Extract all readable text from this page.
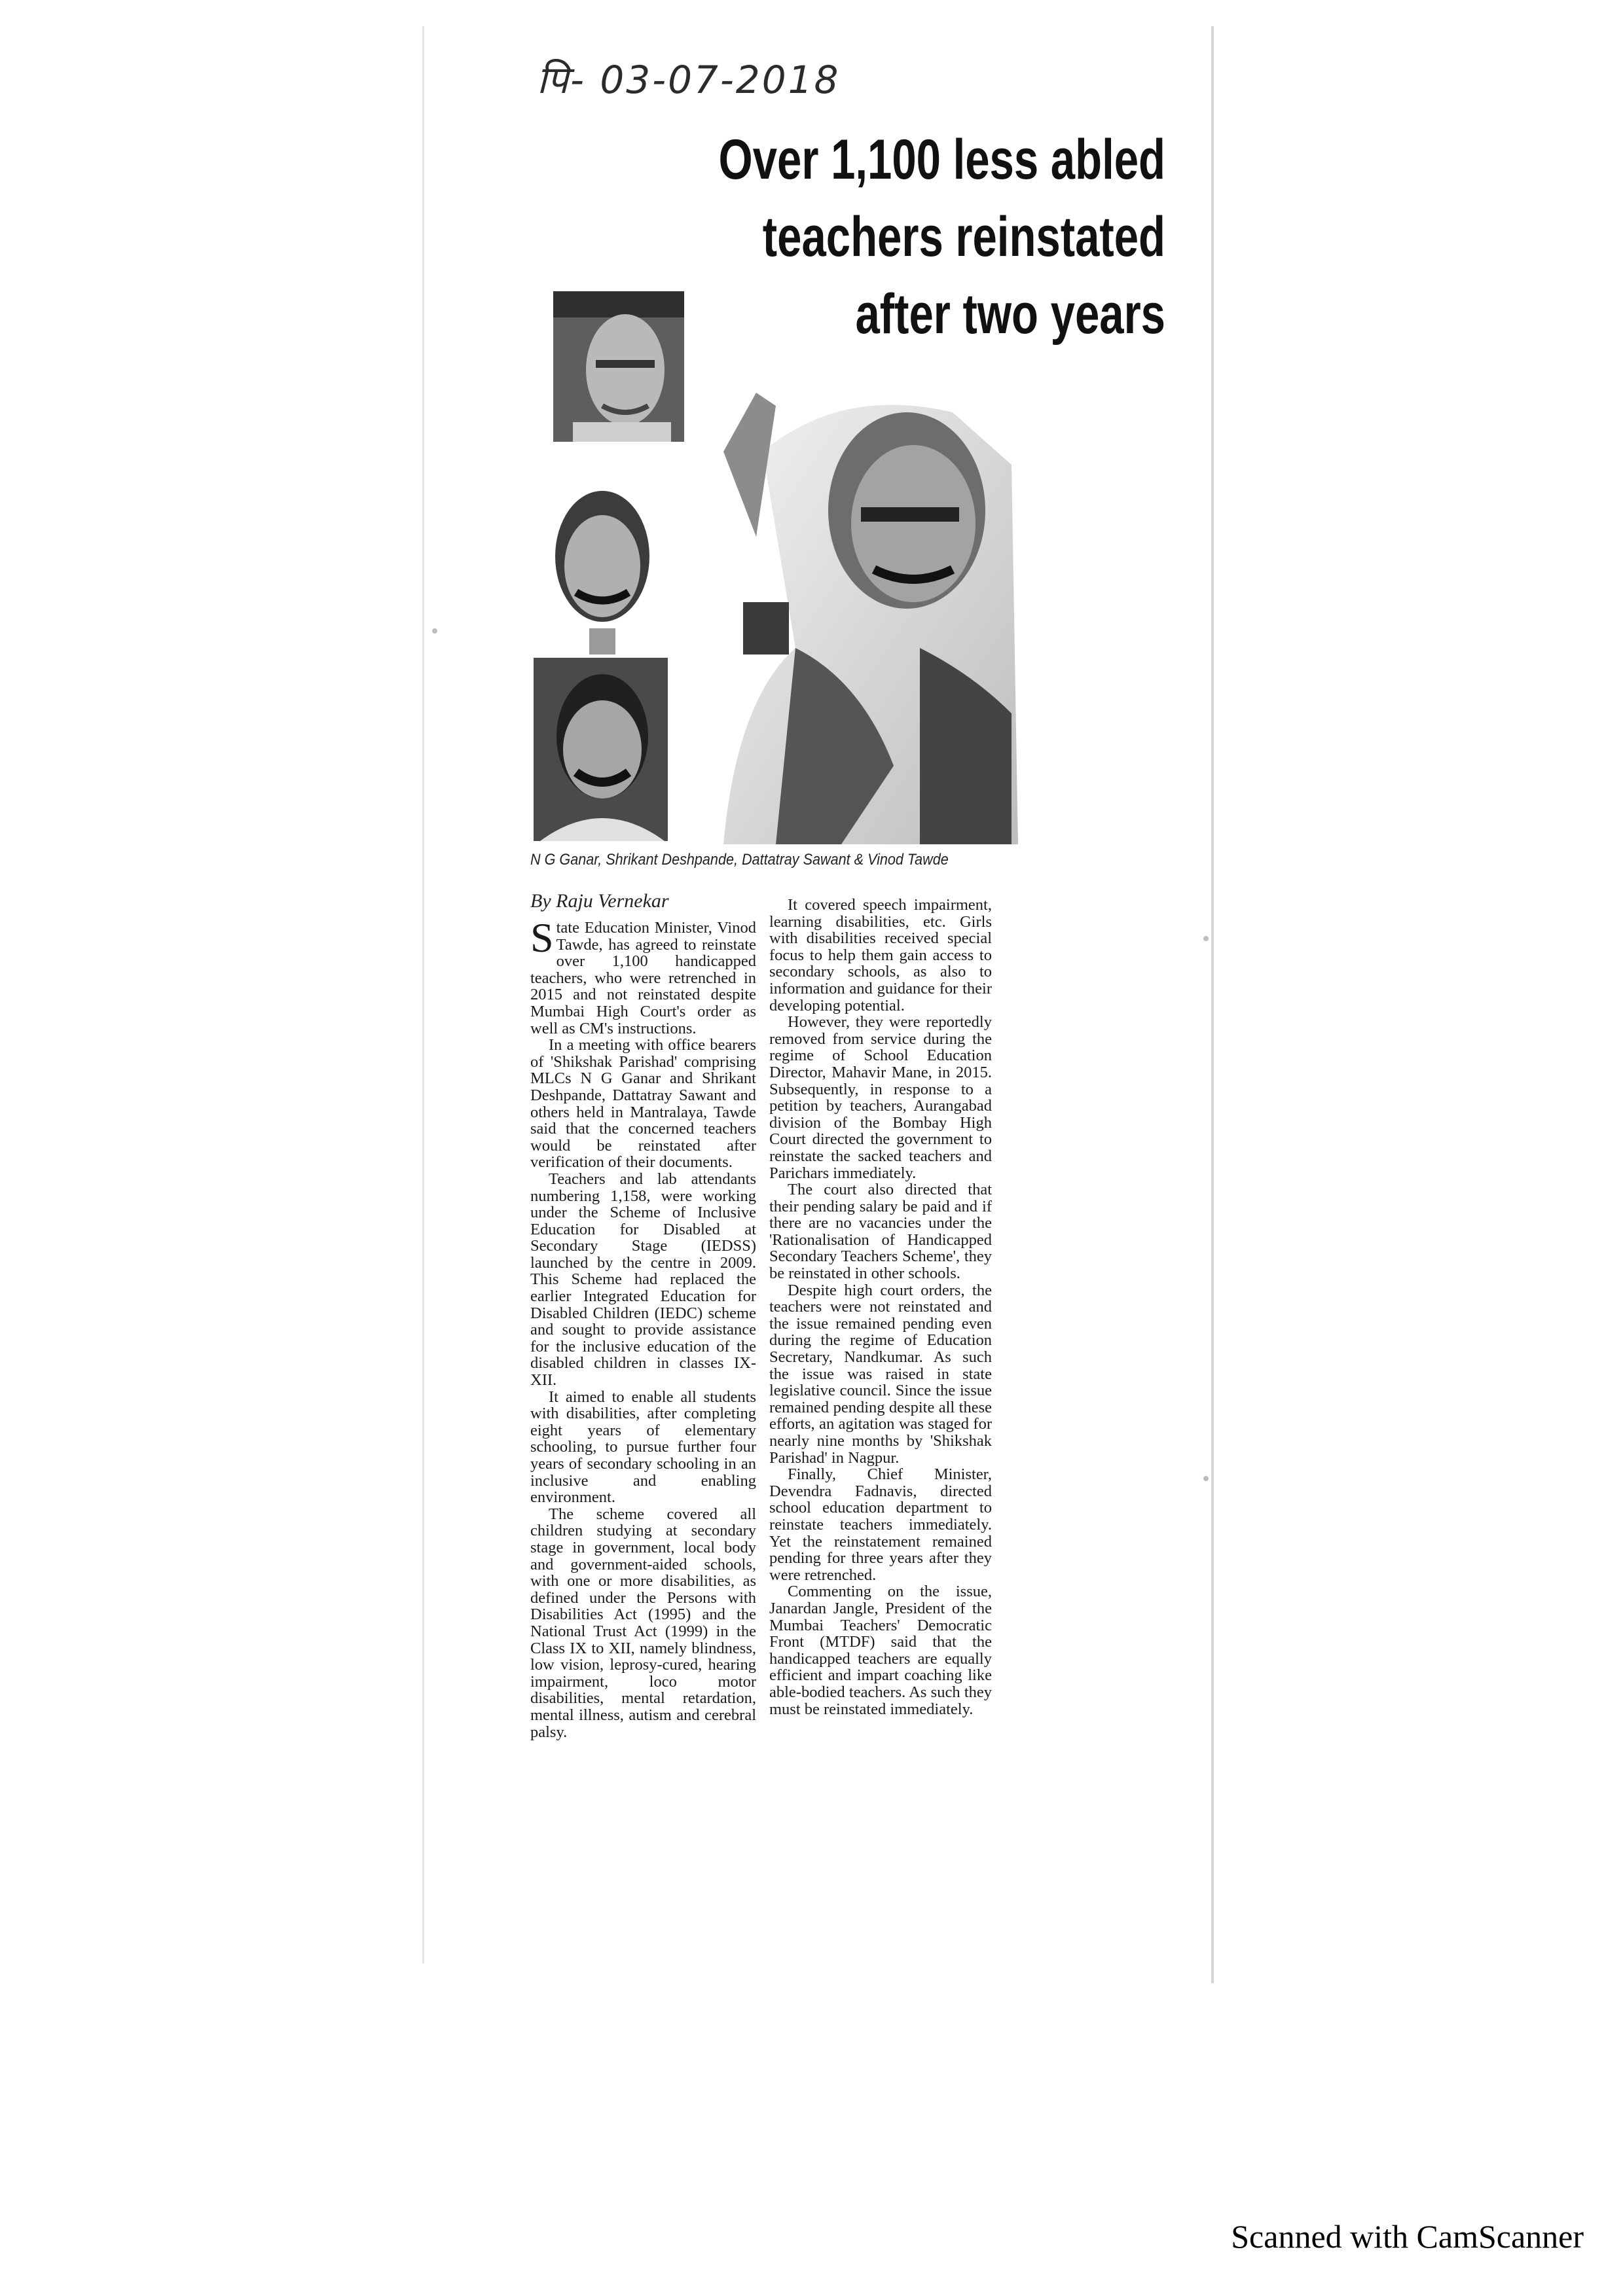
पि- 03-07-2018
Over 1,100 less abled
teachers reinstated
after two years
N G Ganar, Shrikant Deshpande, Dattatray Sawant & Vinod Tawde
By Raju Vernekar

State Education Minister, Vinod Tawde, has agreed to reinstate over 1,100 handicapped teachers, who were retrenched in 2015 and not reinstated despite Mumbai High Court's order as well as CM's instructions.

In a meeting with office bearers of 'Shikshak Parishad' comprising MLCs N G Ganar and Shrikant Deshpande, Dattatray Sawant and others held in Mantralaya, Tawde said that the concerned teachers would be reinstated after verification of their documents.

Teachers and lab attendants numbering 1,158, were working under the Scheme of Inclusive Education for Disabled at Secondary Stage (IEDSS) launched by the centre in 2009. This Scheme had replaced the earlier Integrated Education for Disabled Children (IEDC) scheme and sought to provide assistance for the inclusive education of the disabled children in classes IX-XII.

It aimed to enable all students with disabilities, after completing eight years of elementary schooling, to pursue further four years of secondary schooling in an inclusive and enabling environment.

The scheme covered all children studying at secondary stage in government, local body and government-aided schools, with one or more disabilities, as defined under the Persons with Disabilities Act (1995) and the National Trust Act (1999) in the Class IX to XII, namely blindness, low vision, leprosy-cured, hearing impairment, loco motor disabilities, mental retardation, mental illness, autism and cerebral palsy.

It covered speech impairment, learning disabilities, etc. Girls with disabilities received special focus to help them gain access to secondary schools, as also to information and guidance for their developing potential.

However, they were reportedly removed from service during the regime of School Education Director, Mahavir Mane, in 2015. Subsequently, in response to a petition by teachers, Aurangabad division of the Bombay High Court directed the government to reinstate the sacked teachers and Parichars immediately.

The court also directed that their pending salary be paid and if there are no vacancies under the 'Rationalisation of Handicapped Secondary Teachers Scheme', they be reinstated in other schools.

Despite high court orders, the teachers were not reinstated and the issue remained pending even during the regime of Education Secretary, Nandkumar. As such the issue was raised in state legislative council. Since the issue remained pending despite all these efforts, an agitation was staged for nearly nine months by 'Shikshak Parishad' in Nagpur.

Finally, Chief Minister, Devendra Fadnavis, directed school education department to reinstate teachers immediately. Yet the reinstatement remained pending for three years after they were retrenched.

Commenting on the issue, Janardan Jangle, President of the Mumbai Teachers' Democratic Front (MTDF) said that the handicapped teachers are equally efficient and impart coaching like able-bodied teachers. As such they must be reinstated immediately.

Scanned with CamScanner
